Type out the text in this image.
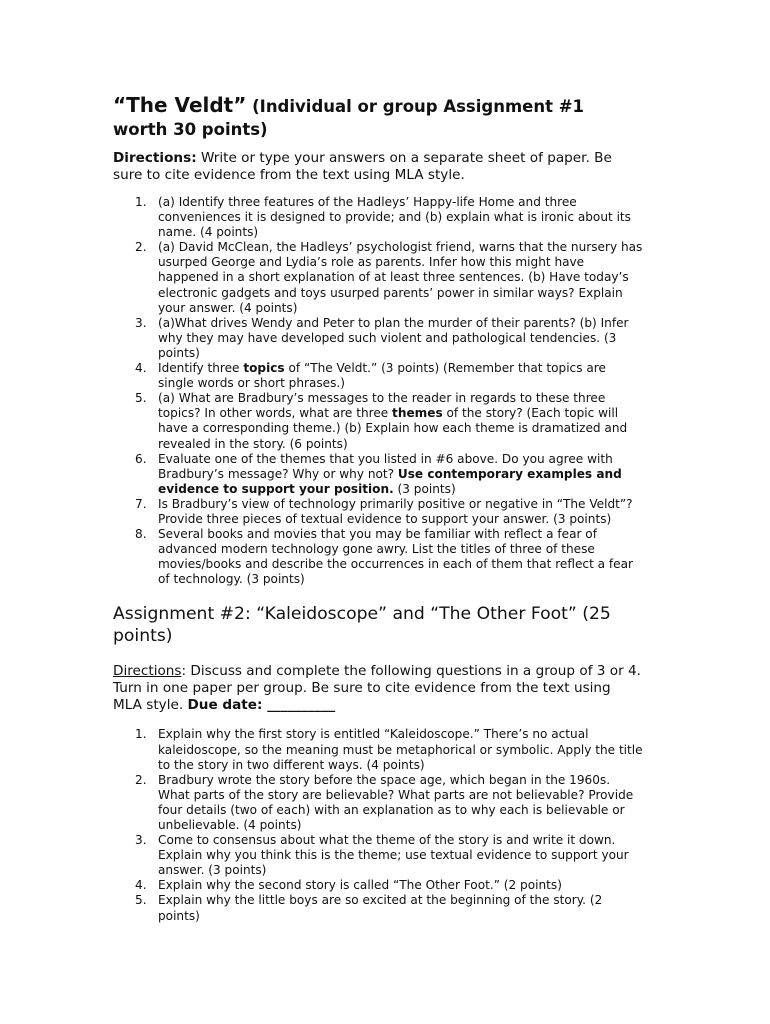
“The Veldt” (Individual or group Assignment #1 worth 30 points)

Directions: Write or type your answers on a separate sheet of paper. Be sure to cite evidence from the text using MLA style.

1. (a) Identify three features of the Hadleys’ Happy-life Home and three conveniences it is designed to provide; and (b) explain what is ironic about its name. (4 points)
2. (a) David McClean, the Hadleys’ psychologist friend, warns that the nursery has usurped George and Lydia’s role as parents. Infer how this might have happened in a short explanation of at least three sentences. (b) Have today’s electronic gadgets and toys usurped parents’ power in similar ways? Explain your answer. (4 points)
3. (a)What drives Wendy and Peter to plan the murder of their parents? (b) Infer why they may have developed such violent and pathological tendencies. (3 points)
4. Identify three topics of “The Veldt.” (3 points) (Remember that topics are single words or short phrases.)
5. (a) What are Bradbury’s messages to the reader in regards to these three topics? In other words, what are three themes of the story? (Each topic will have a corresponding theme.) (b) Explain how each theme is dramatized and revealed in the story. (6 points)
6. Evaluate one of the themes that you listed in #6 above. Do you agree with Bradbury’s message? Why or why not? Use contemporary examples and evidence to support your position. (3 points)
7. Is Bradbury’s view of technology primarily positive or negative in “The Veldt”? Provide three pieces of textual evidence to support your answer. (3 points)
8. Several books and movies that you may be familiar with reflect a fear of advanced modern technology gone awry. List the titles of three of these movies/books and describe the occurrences in each of them that reflect a fear of technology. (3 points)
Assignment #2: “Kaleidoscope” and “The Other Foot” (25 points)

Directions: Discuss and complete the following questions in a group of 3 or 4. Turn in one paper per group. Be sure to cite evidence from the text using MLA style. Due date: __________

1. Explain why the first story is entitled “Kaleidoscope.” There’s no actual kaleidoscope, so the meaning must be metaphorical or symbolic. Apply the title to the story in two different ways. (4 points)
2. Bradbury wrote the story before the space age, which began in the 1960s. What parts of the story are believable? What parts are not believable? Provide four details (two of each) with an explanation as to why each is believable or unbelievable. (4 points)
3. Come to consensus about what the theme of the story is and write it down. Explain why you think this is the theme; use textual evidence to support your answer. (3 points)
4. Explain why the second story is called “The Other Foot.” (2 points)
5. Explain why the little boys are so excited at the beginning of the story. (2 points)
